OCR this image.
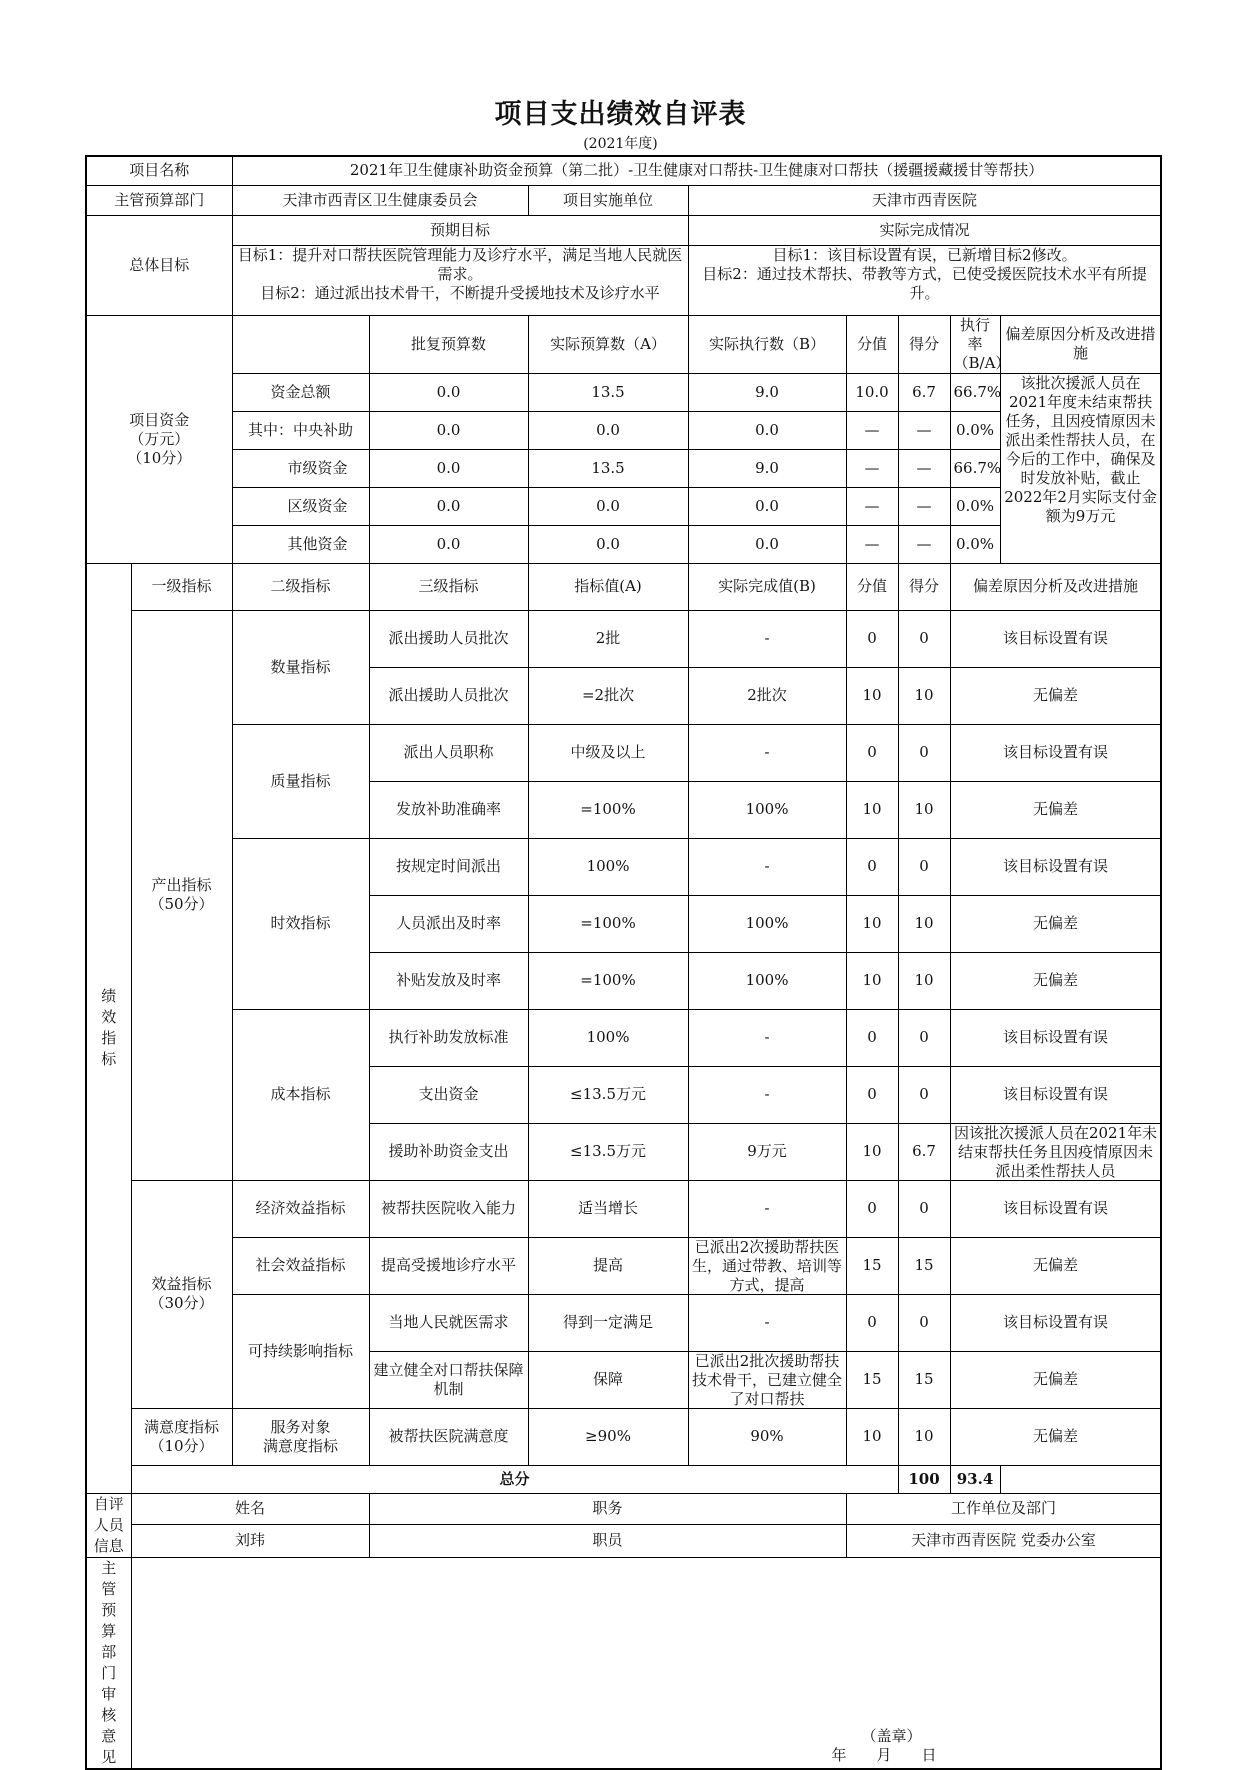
项目支出绩效自评表
(2021年度)
项目名称		2021年卫生健康补助资金预算（第二批）-卫生健康对口帮扶-卫生健康对口帮扶（援疆援藏援甘等帮扶）							
主管预算部门		天津市西青区卫生健康委员会		项目实施单位	天津市西青医院				
总体目标		预期目标			实际完成情况				

		目标1：提升对口帮扶医院管理能力及诊疗水平，满足当地人民就医需求。
目标2：通过派出技术骨干，不断提升受援地技术及诊疗水平			目标1：该目标设置有误，已新增目标2修改。
目标2：通过技术帮扶、带教等方式，已使受援医院技术水平有所提升。				

项目资金
（万元）
（10分）			批复预算数	实际预算数（A）	实际执行数（B）	分值	得分	执行率
（B/A）	偏差原因分析及改进措施
		资金总额	0.0	13.5	9.0	10.0	6.7	66.7%	该批次援派人员在2021年度未结束帮扶任务，且因疫情原因未派出柔性帮扶人员，在今后的工作中，确保及时发放补贴，截止2022年2月实际支付金额为9万元

		其中：中央补助	0.0	0.0	0.0	—	—	0.0%	
		市级资金	0.0	13.5	9.0	—	—	66.7%	
		区级资金	0.0	0.0	0.0	—	—	0.0%	
		其他资金	0.0	0.0	0.0	—	—	0.0%	
绩效指标	一级指标	二级指标	三级指标	指标值(A)	实际完成值(B)	分值	得分	偏差原因分析及改进措施	
	产出指标
（50分）	数量指标	派出援助人员批次	2批	-	0	0	该目标设置有误	
			派出援助人员批次	=2批次	2批次	10	10	无偏差	
		质量指标	派出人员职称	中级及以上	-	0	0	该目标设置有误	
			发放补助准确率	=100%	100%	10	10	无偏差	
		时效指标	按规定时间派出	100%	-	0	0	该目标设置有误	
			人员派出及时率	=100%	100%	10	10	无偏差	
			补贴发放及时率	=100%	100%	10	10	无偏差	
		成本指标	执行补助发放标准	100%	-	0	0	该目标设置有误	
			支出资金	≤13.5万元	-	0	0	该目标设置有误	
			援助补助资金支出	≤13.5万元	9万元	10	6.7	因该批次援派人员在2021年未结束帮扶任务且因疫情原因未派出柔性帮扶人员	

	效益指标
（30分）	经济效益指标	被帮扶医院收入能力	适当增长	-	0	0	该目标设置有误	
		社会效益指标	提高受援地诊疗水平	提高	已派出2次援助帮扶医生，通过带教、培训等方式，提高	15	15	无偏差	
		可持续影响指标	当地人民就医需求	得到一定满足	-	0	0	该目标设置有误	
			建立健全对口帮扶保障机制	保障	已派出2批次援助帮扶技术骨干，已建立健全了对口帮扶	15	15	无偏差	
	满意度指标
（10分）	服务对象
满意度指标	被帮扶医院满意度	≥90%	90%	10	10	无偏差	
	总分						100	93.4	
自评人员信息	姓名		职务			工作单位及部门			
	刘玮		职员			天津市西青医院 党委办公室			
主管预算部门审核意见	（盖章）
年　　月　　日								
